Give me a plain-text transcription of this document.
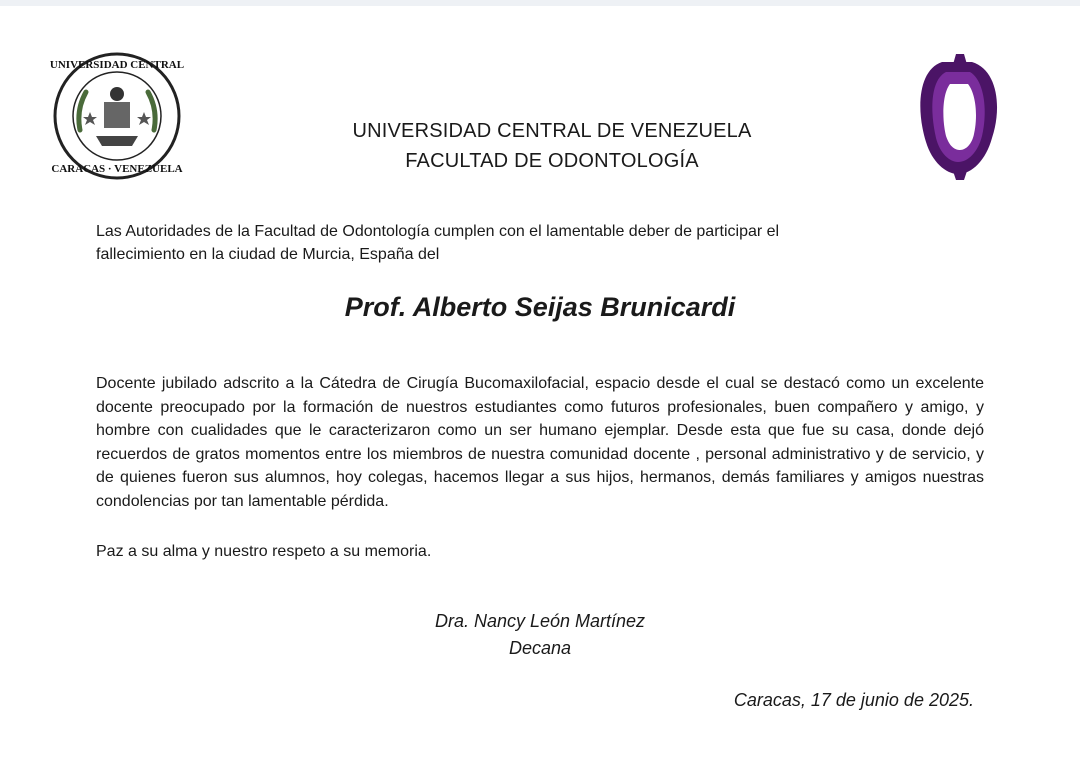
UNIVERSIDAD CENTRAL
CARACAS · VENEZUELA
UNIVERSIDAD CENTRAL DE VENEZUELA
FACULTAD DE ODONTOLOGÍA
Las Autoridades de la Facultad de Odontología cumplen con el lamentable deber de participar el fallecimiento en la ciudad de Murcia, España del
Prof. Alberto Seijas Brunicardi
Docente jubilado adscrito a la Cátedra de Cirugía Bucomaxilofacial, espacio desde el cual se destacó como un excelente docente preocupado por la formación de nuestros estudiantes como futuros profesionales, buen compañero y amigo, y hombre con cualidades que le caracterizaron como un ser humano ejemplar. Desde esta que fue su casa, donde dejó recuerdos de gratos momentos entre los miembros de nuestra comunidad docente , personal administrativo y de servicio, y de quienes fueron sus alumnos, hoy colegas, hacemos llegar a sus hijos, hermanos, demás familiares y amigos nuestras condolencias por tan lamentable pérdida.
Paz a su alma y nuestro respeto a su memoria.
Dra. Nancy León Martínez
Decana
Caracas, 17 de junio de 2025.
